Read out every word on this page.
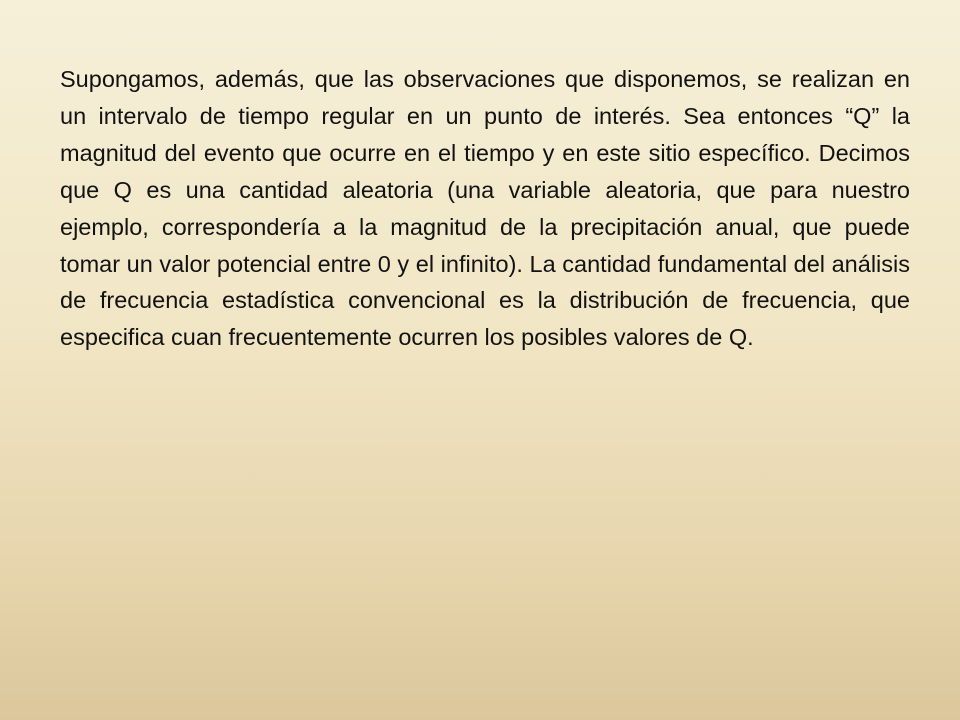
Supongamos, además, que las observaciones que disponemos, se realizan en un intervalo de tiempo regular en un punto de interés. Sea entonces “Q” la magnitud del evento que ocurre en el tiempo y en este sitio específico. Decimos que Q es una cantidad aleatoria (una variable aleatoria, que para nuestro ejemplo, correspondería a la magnitud de la precipitación anual, que puede tomar un valor potencial entre 0 y el infinito). La cantidad fundamental del análisis de frecuencia estadística convencional es la distribución de frecuencia, que especifica cuan frecuentemente ocurren los posibles valores de Q.
